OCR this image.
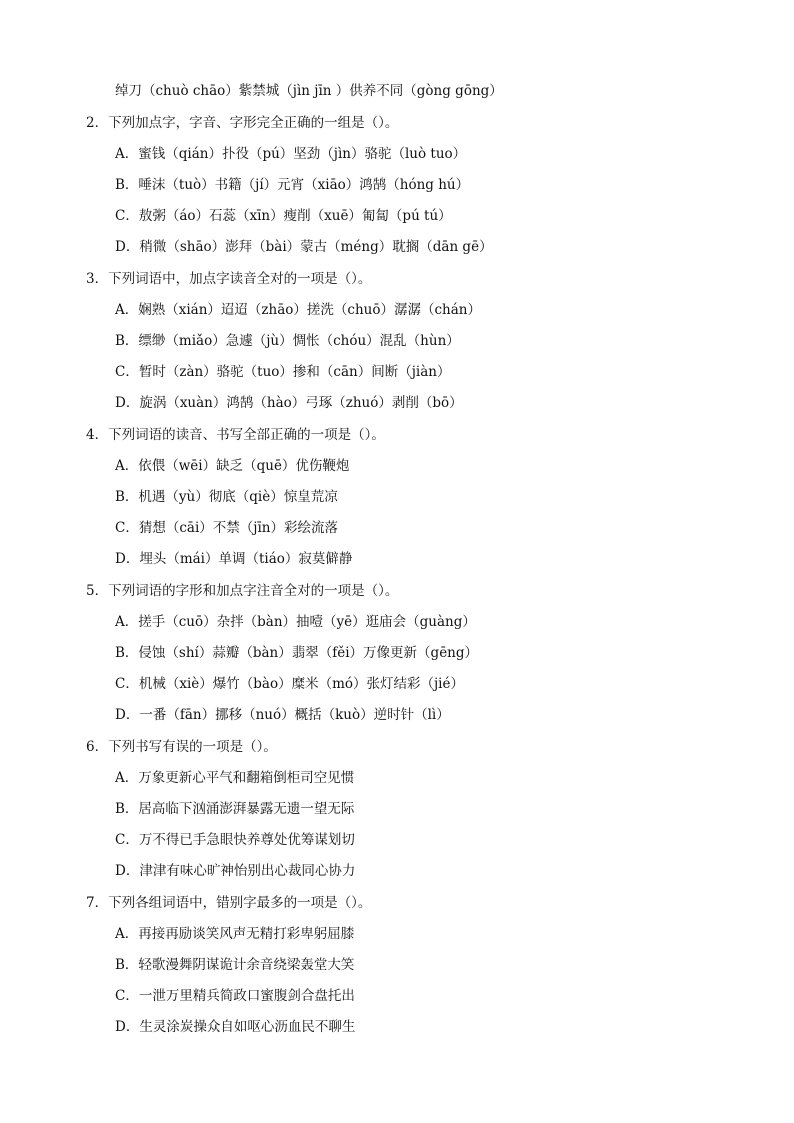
绰刀（chuò chāo）紫禁城（jìn jīn ）供养不同（gòng gōng）
2．下列加点字，字音、字形完全正确的一组是（）。
A．蜜钱（qián）扑役（pú）坚劲（jìn）骆驼（luò tuo）
B．唾沫（tuò）书籍（jí）元宵（xiāo）鸿鹄（hóng hú）
C．敖粥（áo）石蕊（xīn）瘦削（xuē）匍匐（pú tú）
D．稍微（shāo）澎拜（bài）蒙古（méng）耽搁（dān gē）
3．下列词语中，加点字读音全对的一项是（）。
A．娴熟（xián）迢迢（zhāo）搓洗（chuō）潺潺（chán）
B．缥缈（miǎo）急遽（jù）惆怅（chóu）混乱（hùn）
C．暂时（zàn）骆驼（tuo）掺和（cān）间断（jiàn）
D．旋涡（xuàn）鸿鹄（hào）弓琢（zhuó）剥削（bō）
4．下列词语的读音、书写全部正确的一项是（）。
A．依偎（wēi）缺乏（quē）优伤鞭炮
B．机遇（yù）彻底（qiè）惊皇荒凉
C．猜想（cāi）不禁（jīn）彩绘流落
D．埋头（mái）单调（tiáo）寂莫僻静
5．下列词语的字形和加点字注音全对的一项是（）。
A．搓手（cuō）杂拌（bàn）抽噎（yē）逛庙会（guàng）
B．侵蚀（shí）蒜瓣（bàn）翡翠（fěi）万像更新（gēng）
C．机械（xiè）爆竹（bào）糜米（mó）张灯结彩（jié）
D．一番（fān）挪移（nuó）概括（kuò）逆时针（lì）
6．下列书写有误的一项是（）。
A．万象更新心平气和翻箱倒柜司空见惯
B．居高临下汹涌澎湃暴露无遗一望无际
C．万不得已手急眼快养尊处优筹谋划切
D．津津有味心旷神怡别出心裁同心协力
7．下列各组词语中，错别字最多的一项是（）。
A．再接再励谈笑风声无精打彩卑躬屈膝
B．轻歌漫舞阴谋诡计余音绕梁轰堂大笑
C．一泄万里精兵简政口蜜腹剑合盘托出
D．生灵涂炭操众自如呕心沥血民不聊生
